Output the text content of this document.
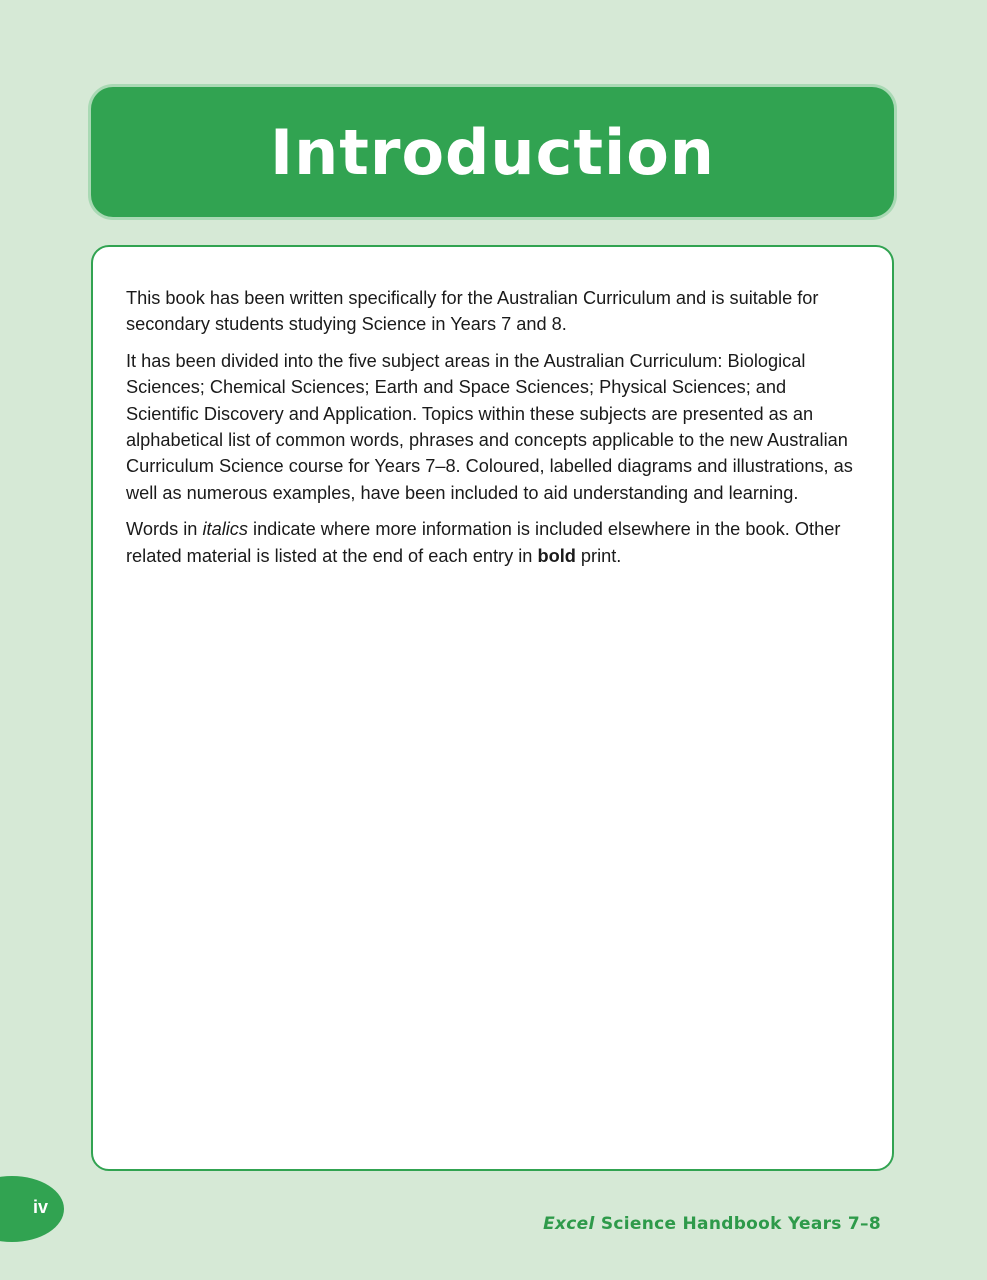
Introduction

This book has been written specifically for the Australian Curriculum and is suitable for secondary students studying Science in Years 7 and 8.

It has been divided into the five subject areas in the Australian Curriculum: Biological Sciences; Chemical Sciences; Earth and Space Sciences; Physical Sciences; and Scientific Discovery and Application. Topics within these subjects are presented as an alphabetical list of common words, phrases and concepts applicable to the new Australian Curriculum Science course for Years 7–8. Coloured, labelled diagrams and illustrations, as well as numerous examples, have been included to aid understanding and learning.

Words in italics indicate where more information is included elsewhere in the book. Other related material is listed at the end of each entry in bold print.

iv
Excel Science Handbook Years 7–8
